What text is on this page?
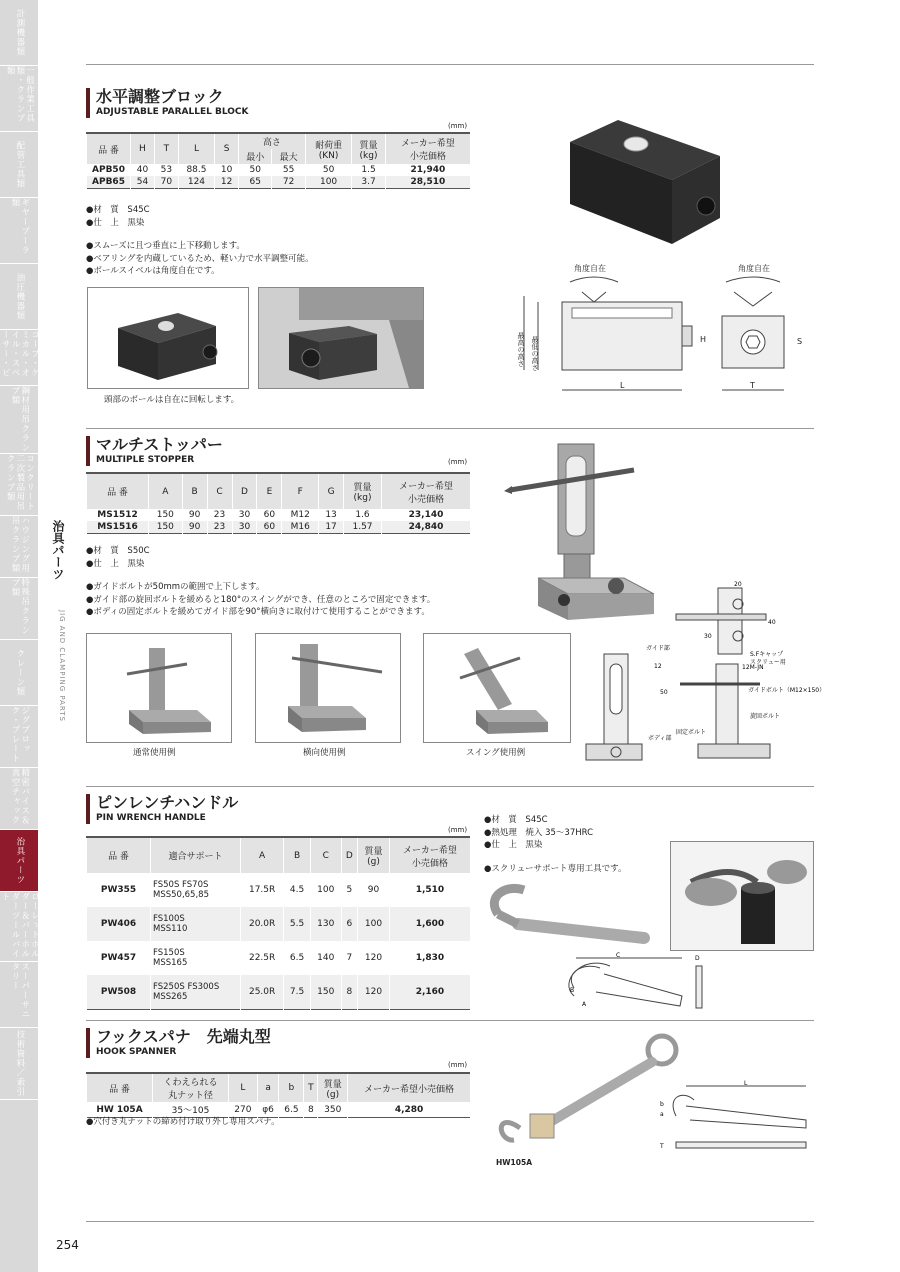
計測機器類
一般作業工具類・クランプ類
配管工具類
ギヤープーラ類
油圧機器類
マイクロスコープ・ケミカル・オイル・スペーサー・ビ
鋼材用吊クランプ類
コンクリート二次製品用吊クランプ類
ハウジング用吊クランプ類
特殊吊クランプ類
クレーン類
ジグブロック・プレート
精密バイス＆真空チャック
治具パーツ
ローレットホルダー＆バーホルダーツールバイト
スーパーサニタリー
技術資料／索引
254
治具パーツ
JIG AND CLAMPING PARTS
水平調整ブロック
ADJUSTABLE PARALLEL BLOCK
(mm)
品 番	H	T	L	S	高さ		耐荷重
(KN)	質量
(kg)	メーカー希望
小売価格
					最小	最大			
APB50	40	53	88.5	10	50	55	50	1.5	21,940
APB65	54	70	124	12	65	72	100	3.7	28,510
●材　質　S45C
●仕　上　黒染
●スムーズに且つ垂直に上下移動します。
●ベアリングを内蔵しているため、軽い力で水平調整可能。
●ボールスイベルは角度自在です。
頭部のボールは自在に回転します。
角度自在	角度自在
最高の高さ 最低の高さ
L
H
T
S
マルチストッパー
MULTIPLE STOPPER	(mm)
品 番	A	B	C	D	E	F	G	質量
(kg)	メーカー希望
小売価格
MS1512	150	90	23	30	60	M12	13	1.6	23,140
MS1516	150	90	23	30	60	M16	17	1.57	24,840
●材　質　S50C
●仕　上　黒染
●ガイドボルトが50mmの範囲で上下します。
●ガイド部の旋回ボルトを緩めると180°のスイングができ、任意のところで固定できます。
●ボディの固定ボルトを緩めてガイド部を90°横向きに取付けて使用することができます。
20
30
40
S.Fキャップ
スクリュー用
ガイド部
ボディ部
50
12	12M-JN
ガイドボルト（M12×150）
旋回ボルト
固定ボルト
通常使用例	横向使用例	スイング使用例
ピンレンチハンドル
PIN WRENCH HANDLE
(mm)
品 番	適合サポート	A	B	C	D	質量
(g)	メーカー希望
小売価格
PW355	FS50S FS70S
MSS50,65,85	17.5R	4.5	100	5	90	1,510
PW406	FS100S
MSS110	20.0R	5.5	130	6	100	1,600
PW457	FS150S
MSS165	22.5R	6.5	140	7	120	1,830
PW508	FS250S FS300S
MSS265	25.0R	7.5	150	8	120	2,160
●材　質　S45C
●熱処理　焼入 35～37HRC
●仕　上　黒染
●スクリューサポート専用工具です。
C	D
B
A
フックスパナ　先端丸型
HOOK SPANNER
(mm)
品 番	くわえられる
丸ナット径	L	a	b	T	質量
(g)	メーカー希望小売価格
HW 105A	35～105	270	φ6	6.5	8	350	4,280
●穴付き丸ナットの締め付け取り外し専用スパナ。
HW105A
L
b
a
T
